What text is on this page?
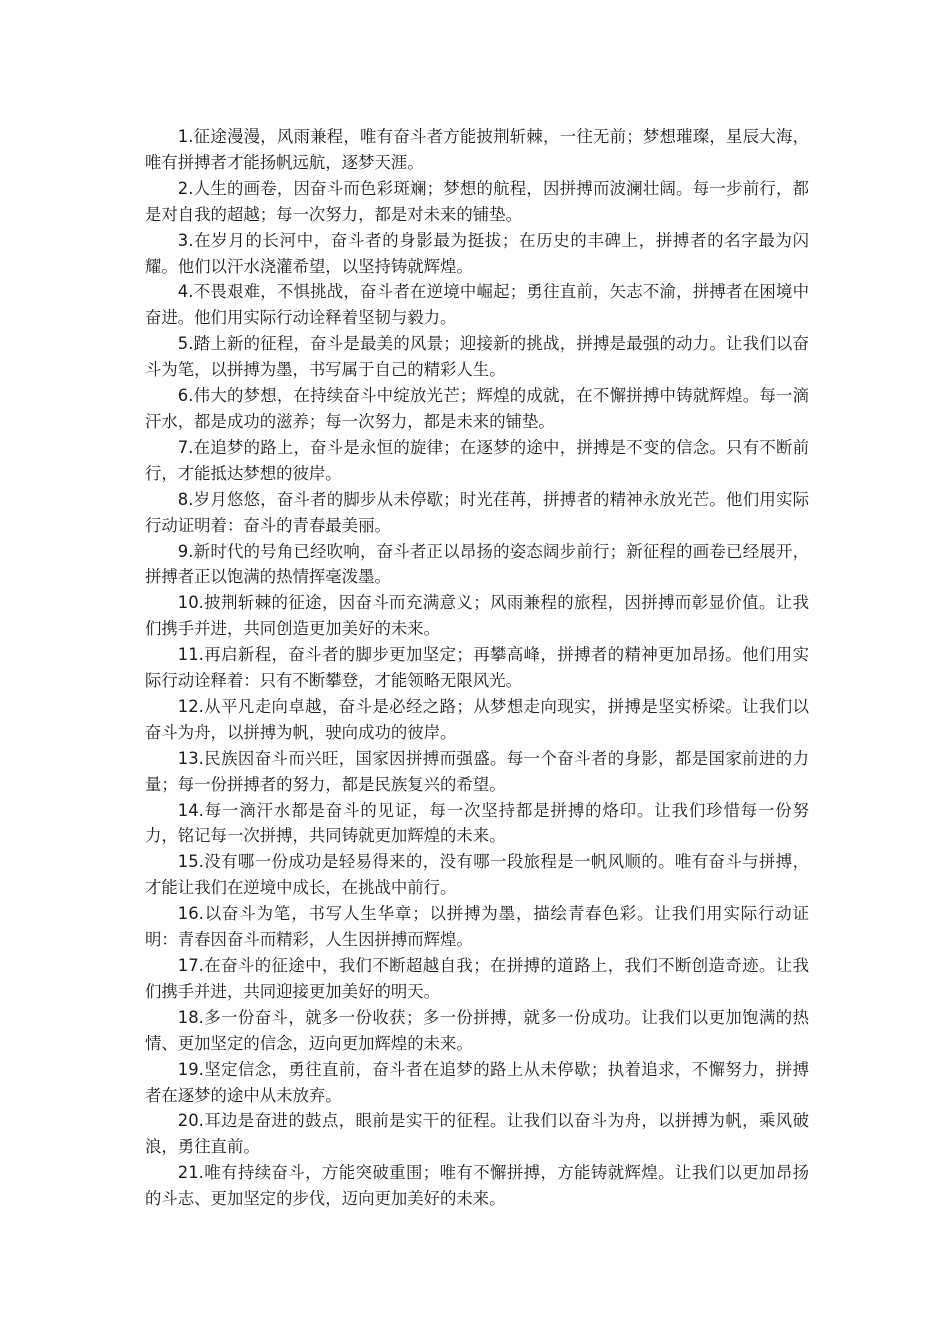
1.征途漫漫，风雨兼程，唯有奋斗者方能披荆斩棘，一往无前；梦想璀璨，星辰大海，唯有拼搏者才能扬帆远航，逐梦天涯。

2.人生的画卷，因奋斗而色彩斑斓；梦想的航程，因拼搏而波澜壮阔。每一步前行，都是对自我的超越；每一次努力，都是对未来的铺垫。

3.在岁月的长河中，奋斗者的身影最为挺拔；在历史的丰碑上，拼搏者的名字最为闪耀。他们以汗水浇灌希望，以坚持铸就辉煌。

4.不畏艰难，不惧挑战，奋斗者在逆境中崛起；勇往直前，矢志不渝，拼搏者在困境中奋进。他们用实际行动诠释着坚韧与毅力。

5.踏上新的征程，奋斗是最美的风景；迎接新的挑战，拼搏是最强的动力。让我们以奋斗为笔，以拼搏为墨，书写属于自己的精彩人生。

6.伟大的梦想，在持续奋斗中绽放光芒；辉煌的成就，在不懈拼搏中铸就辉煌。每一滴汗水，都是成功的滋养；每一次努力，都是未来的铺垫。

7.在追梦的路上，奋斗是永恒的旋律；在逐梦的途中，拼搏是不变的信念。只有不断前行，才能抵达梦想的彼岸。

8.岁月悠悠，奋斗者的脚步从未停歇；时光荏苒，拼搏者的精神永放光芒。他们用实际行动证明着：奋斗的青春最美丽。

9.新时代的号角已经吹响，奋斗者正以昂扬的姿态阔步前行；新征程的画卷已经展开，拼搏者正以饱满的热情挥毫泼墨。

10.披荆斩棘的征途，因奋斗而充满意义；风雨兼程的旅程，因拼搏而彰显价值。让我们携手并进，共同创造更加美好的未来。

11.再启新程，奋斗者的脚步更加坚定；再攀高峰，拼搏者的精神更加昂扬。他们用实际行动诠释着：只有不断攀登，才能领略无限风光。

12.从平凡走向卓越，奋斗是必经之路；从梦想走向现实，拼搏是坚实桥梁。让我们以奋斗为舟，以拼搏为帆，驶向成功的彼岸。

13.民族因奋斗而兴旺，国家因拼搏而强盛。每一个奋斗者的身影，都是国家前进的力量；每一份拼搏者的努力，都是民族复兴的希望。

14.每一滴汗水都是奋斗的见证，每一次坚持都是拼搏的烙印。让我们珍惜每一份努力，铭记每一次拼搏，共同铸就更加辉煌的未来。

15.没有哪一份成功是轻易得来的，没有哪一段旅程是一帆风顺的。唯有奋斗与拼搏，才能让我们在逆境中成长，在挑战中前行。

16.以奋斗为笔，书写人生华章；以拼搏为墨，描绘青春色彩。让我们用实际行动证明：青春因奋斗而精彩，人生因拼搏而辉煌。

17.在奋斗的征途中，我们不断超越自我；在拼搏的道路上，我们不断创造奇迹。让我们携手并进，共同迎接更加美好的明天。

18.多一份奋斗，就多一份收获；多一份拼搏，就多一份成功。让我们以更加饱满的热情、更加坚定的信念，迈向更加辉煌的未来。

19.坚定信念，勇往直前，奋斗者在追梦的路上从未停歇；执着追求，不懈努力，拼搏者在逐梦的途中从未放弃。

20.耳边是奋进的鼓点，眼前是实干的征程。让我们以奋斗为舟，以拼搏为帆，乘风破浪，勇往直前。

21.唯有持续奋斗，方能突破重围；唯有不懈拼搏，方能铸就辉煌。让我们以更加昂扬的斗志、更加坚定的步伐，迈向更加美好的未来。
